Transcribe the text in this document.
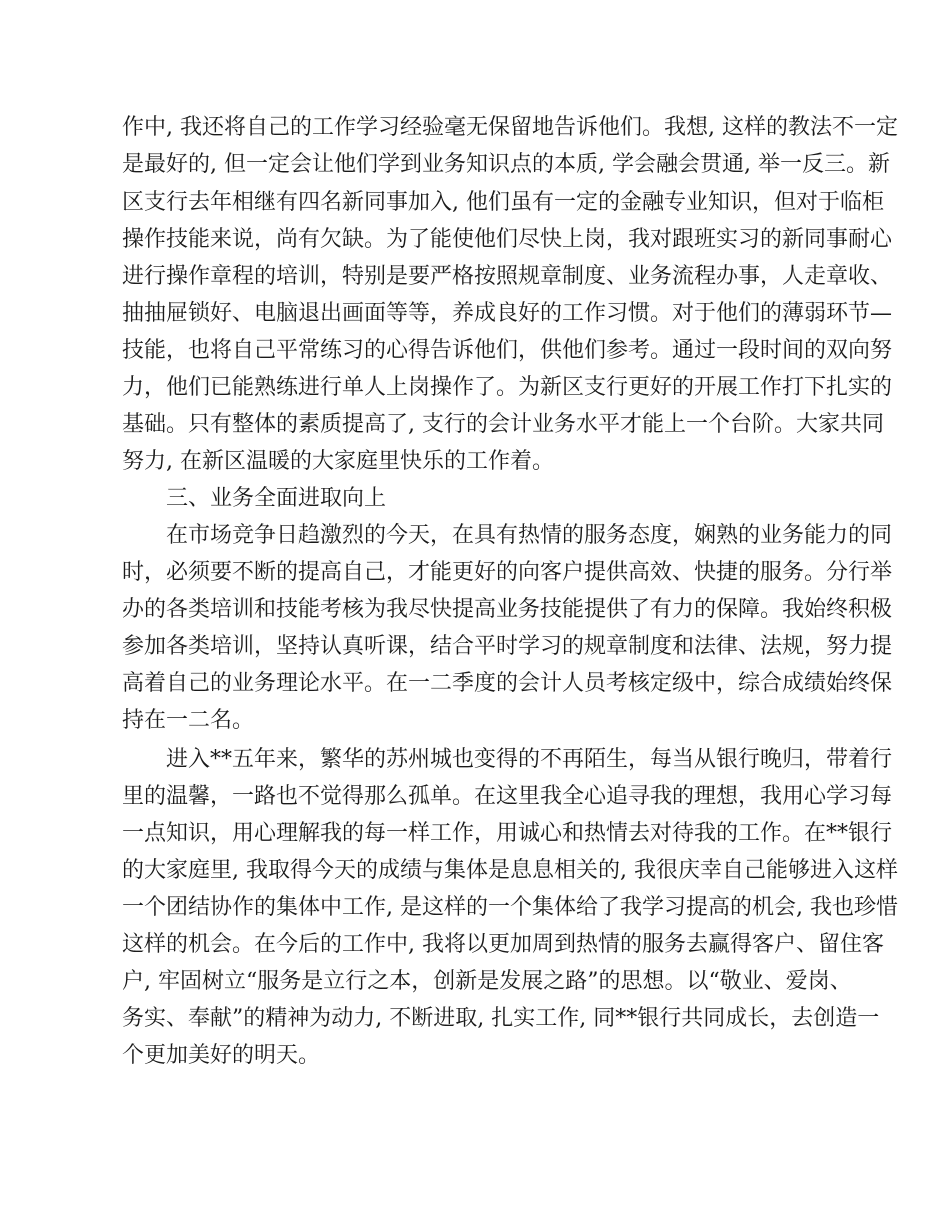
作中, 我还将自己的工作学习经验毫无保留地告诉他们。我想, 这样的教法不一定
是最好的, 但一定会让他们学到业务知识点的本质, 学会融会贯通, 举一反三。新
区支行去年相继有四名新同事加入, 他们虽有一定的金融专业知识，但对于临柜
操作技能来说，尚有欠缺。为了能使他们尽快上岗，我对跟班实习的新同事耐心
进行操作章程的培训，特别是要严格按照规章制度、业务流程办事，人走章收、
抽抽屉锁好、电脑退出画面等等，养成良好的工作习惯。对于他们的薄弱环节—
技能，也将自己平常练习的心得告诉他们，供他们参考。通过一段时间的双向努
力，他们已能熟练进行单人上岗操作了。为新区支行更好的开展工作打下扎实的
基础。只有整体的素质提高了, 支行的会计业务水平才能上一个台阶。大家共同
努力, 在新区温暖的大家庭里快乐的工作着。
三、业务全面进取向上
在市场竞争日趋激烈的今天，在具有热情的服务态度，娴熟的业务能力的同
时，必须要不断的提高自己，才能更好的向客户提供高效、快捷的服务。分行举
办的各类培训和技能考核为我尽快提高业务技能提供了有力的保障。我始终积极
参加各类培训，坚持认真听课，结合平时学习的规章制度和法律、法规，努力提
高着自己的业务理论水平。在一二季度的会计人员考核定级中，综合成绩始终保
持在一二名。
进入**五年来，繁华的苏州城也变得的不再陌生，每当从银行晚归，带着行
里的温馨，一路也不觉得那么孤单。在这里我全心追寻我的理想，我用心学习每
一点知识，用心理解我的每一样工作，用诚心和热情去对待我的工作。在**银行
的大家庭里, 我取得今天的成绩与集体是息息相关的, 我很庆幸自己能够进入这样
一个团结协作的集体中工作, 是这样的一个集体给了我学习提高的机会, 我也珍惜
这样的机会。在今后的工作中, 我将以更加周到热情的服务去赢得客户、留住客
户, 牢固树立“服务是立行之本，创新是发展之路”的思想。以“敬业、爱岗、
务实、奉献”的精神为动力, 不断进取, 扎实工作, 同**银行共同成长，去创造一
个更加美好的明天。
